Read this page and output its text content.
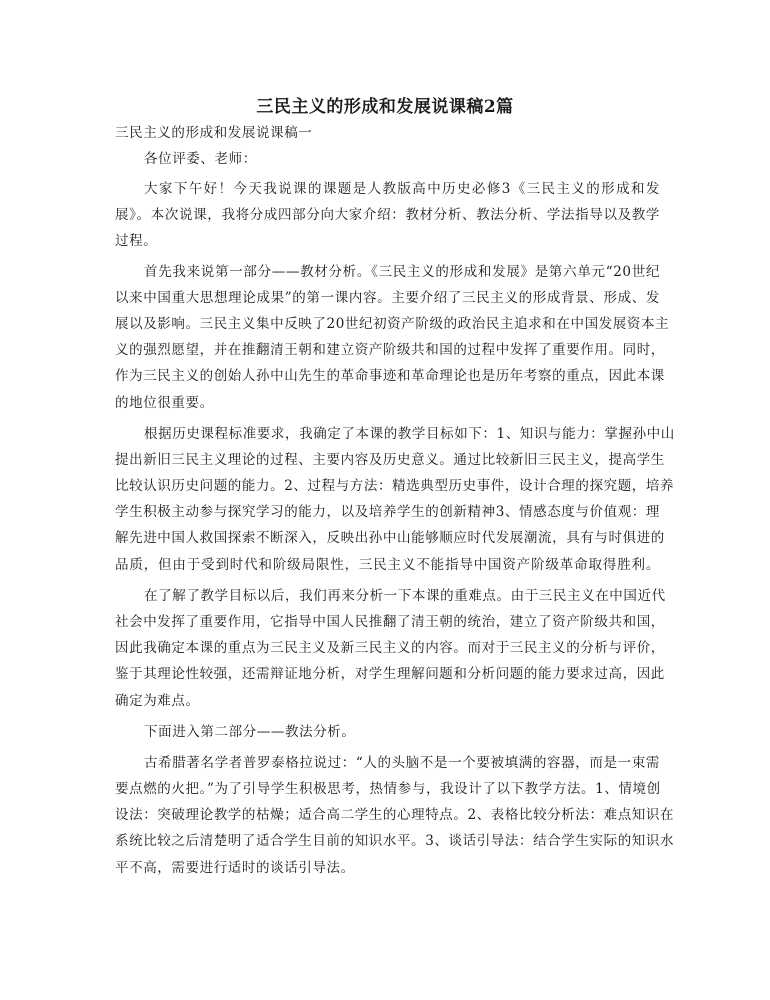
三民主义的形成和发展说课稿2篇
三民主义的形成和发展说课稿一
各位评委、老师：
大家下午好！今天我说课的课题是人教版高中历史必修3《三民主义的形成和发
展》。本次说课，我将分成四部分向大家介绍：教材分析、教法分析、学法指导以及教学
过程。
首先我来说第一部分——教材分析。《三民主义的形成和发展》是第六单元“20世纪
以来中国重大思想理论成果”的第一课内容。主要介绍了三民主义的形成背景、形成、发
展以及影响。三民主义集中反映了20世纪初资产阶级的政治民主追求和在中国发展资本主
义的强烈愿望，并在推翻清王朝和建立资产阶级共和国的过程中发挥了重要作用。同时，
作为三民主义的创始人孙中山先生的革命事迹和革命理论也是历年考察的重点，因此本课
的地位很重要。
根据历史课程标准要求，我确定了本课的教学目标如下：1、知识与能力：掌握孙中山
提出新旧三民主义理论的过程、主要内容及历史意义。通过比较新旧三民主义，提高学生
比较认识历史问题的能力。2、过程与方法：精选典型历史事件，设计合理的探究题，培养
学生积极主动参与探究学习的能力，以及培养学生的创新精神3、情感态度与价值观：理
解先进中国人救国探索不断深入，反映出孙中山能够顺应时代发展潮流，具有与时俱进的
品质，但由于受到时代和阶级局限性，三民主义不能指导中国资产阶级革命取得胜利。
在了解了教学目标以后，我们再来分析一下本课的重难点。由于三民主义在中国近代
社会中发挥了重要作用，它指导中国人民推翻了清王朝的统治，建立了资产阶级共和国，
因此我确定本课的重点为三民主义及新三民主义的内容。而对于三民主义的分析与评价，
鉴于其理论性较强，还需辩证地分析，对学生理解问题和分析问题的能力要求过高，因此
确定为难点。
下面进入第二部分——教法分析。
古希腊著名学者普罗泰格拉说过：“人的头脑不是一个要被填满的容器，而是一束需
要点燃的火把。”为了引导学生积极思考，热情参与，我设计了以下教学方法。1、情境创
设法：突破理论教学的枯燥；适合高二学生的心理特点。2、表格比较分析法：难点知识在
系统比较之后清楚明了适合学生目前的知识水平。3、谈话引导法：结合学生实际的知识水
平不高，需要进行适时的谈话引导法。
